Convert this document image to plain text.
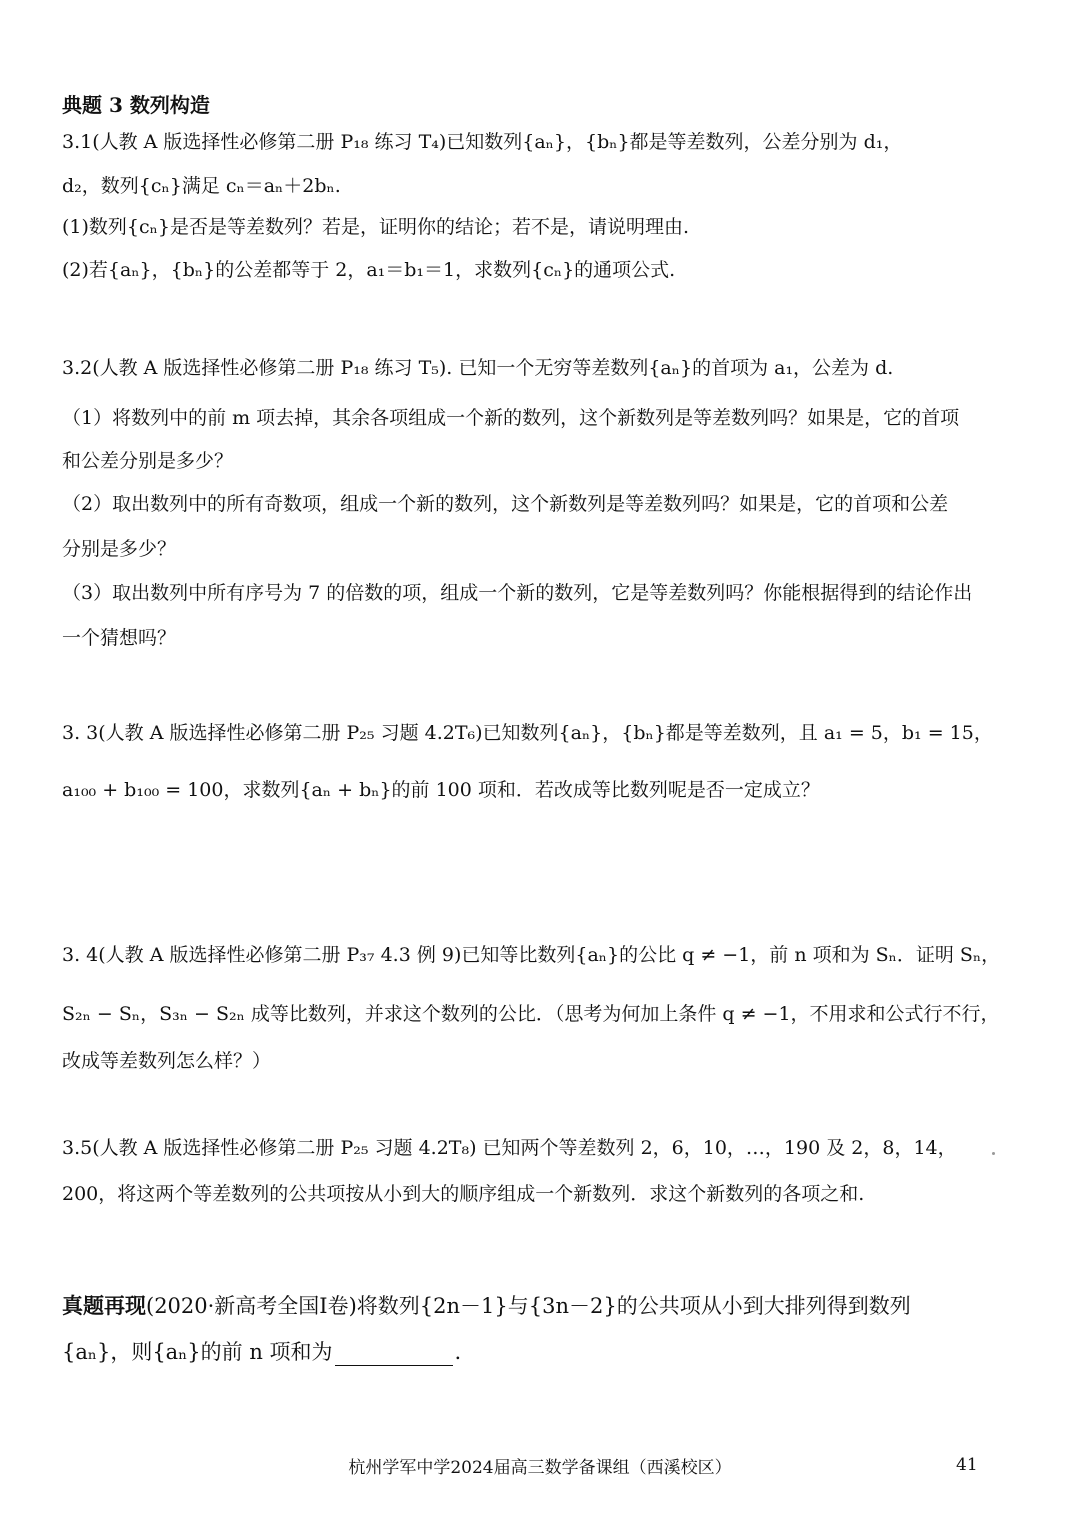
典题 3 数列构造
3.1(人教 A 版选择性必修第二册 P₁₈ 练习 T₄)已知数列{aₙ}，{bₙ}都是等差数列，公差分别为 d₁，
d₂，数列{cₙ}满足 cₙ＝aₙ＋2bₙ.
(1)数列{cₙ}是否是等差数列？若是，证明你的结论；若不是，请说明理由.
(2)若{aₙ}，{bₙ}的公差都等于 2，a₁＝b₁＝1，求数列{cₙ}的通项公式.
3.2(人教 A 版选择性必修第二册 P₁₈ 练习 T₅). 已知一个无穷等差数列{aₙ}的首项为 a₁，公差为 d.
（1）将数列中的前 m 项去掉，其余各项组成一个新的数列，这个新数列是等差数列吗？如果是，它的首项
和公差分别是多少？
（2）取出数列中的所有奇数项，组成一个新的数列，这个新数列是等差数列吗？如果是，它的首项和公差
分别是多少？
（3）取出数列中所有序号为 7 的倍数的项，组成一个新的数列，它是等差数列吗？你能根据得到的结论作出
一个猜想吗？
3. 3(人教 A 版选择性必修第二册 P₂₅ 习题 4.2T₆)已知数列{aₙ}，{bₙ}都是等差数列，且 a₁ = 5，b₁ = 15，
a₁₀₀ + b₁₀₀ = 100，求数列{aₙ + bₙ}的前 100 项和．若改成等比数列呢是否一定成立？
3. 4(人教 A 版选择性必修第二册 P₃₇ 4.3 例 9)已知等比数列{aₙ}的公比 q ≠ −1，前 n 项和为 Sₙ．证明 Sₙ，
S₂ₙ − Sₙ，S₃ₙ − S₂ₙ 成等比数列，并求这个数列的公比．（思考为何加上条件 q ≠ −1，不用求和公式行不行，
改成等差数列怎么样？）
3.5(人教 A 版选择性必修第二册 P₂₅ 习题 4.2T₈) 已知两个等差数列 2，6，10，…，190 及 2，8，14，
200，将这两个等差数列的公共项按从小到大的顺序组成一个新数列．求这个新数列的各项之和.
真题再现(2020·新高考全国Ⅰ卷)将数列{2n－1}与{3n－2}的公共项从小到大排列得到数列
{aₙ}，则{aₙ}的前 n 项和为	.
杭州学军中学2024届高三数学备课组（西溪校区）	41
